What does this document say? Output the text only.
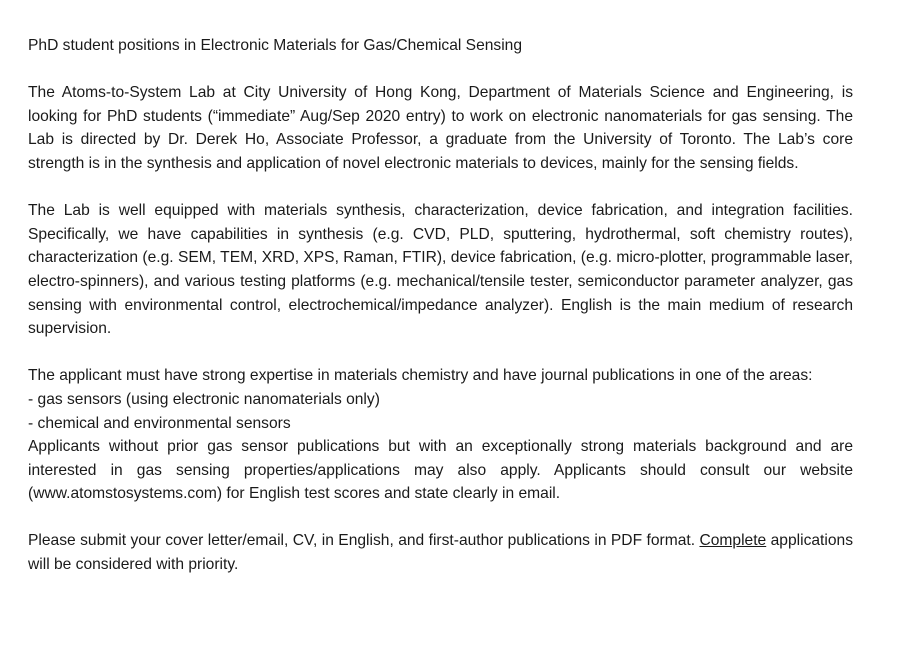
PhD student positions in Electronic Materials for Gas/Chemical Sensing

The Atoms-to-System Lab at City University of Hong Kong, Department of Materials Science and Engineering, is looking for PhD students (“immediate” Aug/Sep 2020 entry) to work on electronic nanomaterials for gas sensing. The Lab is directed by Dr. Derek Ho, Associate Professor, a graduate from the University of Toronto. The Lab’s core strength is in the synthesis and application of novel electronic materials to devices, mainly for the sensing fields.

The Lab is well equipped with materials synthesis, characterization, device fabrication, and integration facilities. Specifically, we have capabilities in synthesis (e.g. CVD, PLD, sputtering, hydrothermal, soft chemistry routes), characterization (e.g. SEM, TEM, XRD, XPS, Raman, FTIR), device fabrication, (e.g. micro-plotter, programmable laser, electro-spinners), and various testing platforms (e.g. mechanical/tensile tester, semiconductor parameter analyzer, gas sensing with environmental control, electrochemical/impedance analyzer). English is the main medium of research supervision.

The applicant must have strong expertise in materials chemistry and have journal publications in one of the areas:
- gas sensors (using electronic nanomaterials only)
- chemical and environmental sensors
Applicants without prior gas sensor publications but with an exceptionally strong materials background and are interested in gas sensing properties/applications may also apply. Applicants should consult our website (www.atomstosystems.com) for English test scores and state clearly in email.

Please submit your cover letter/email, CV, in English, and first-author publications in PDF format. Complete applications will be considered with priority.
